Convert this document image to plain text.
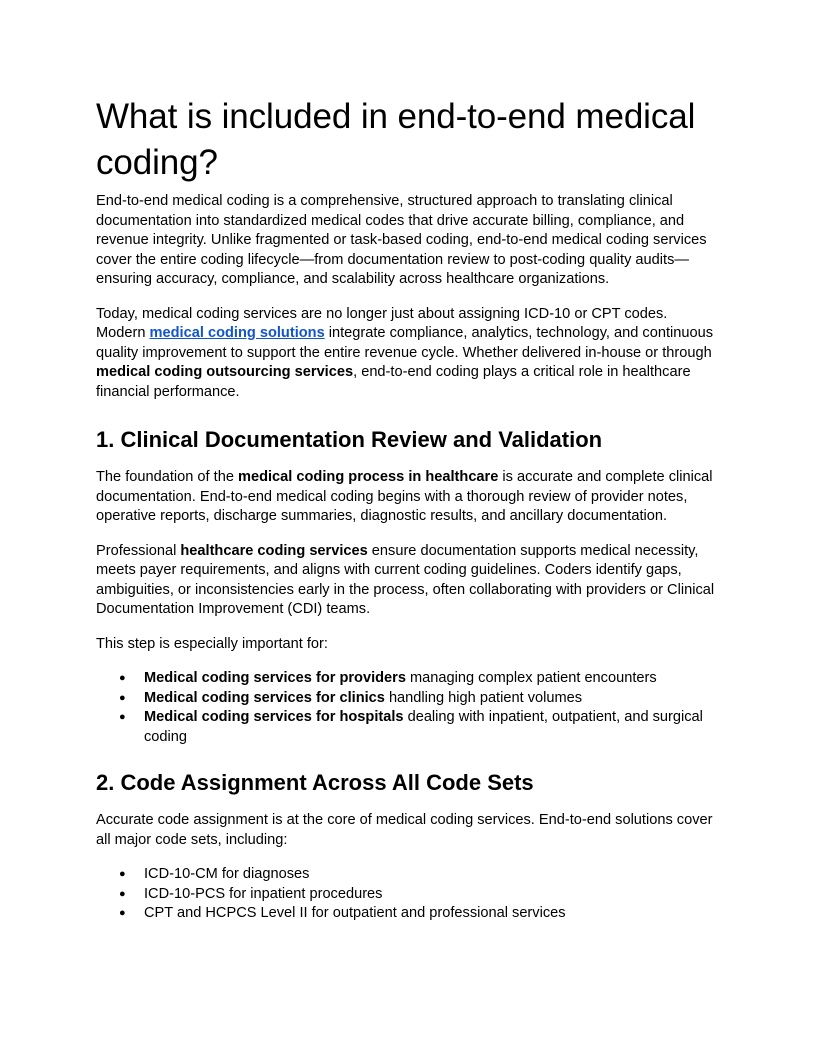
What is included in end-to-end medical coding?

End-to-end medical coding is a comprehensive, structured approach to translating clinical documentation into standardized medical codes that drive accurate billing, compliance, and revenue integrity. Unlike fragmented or task-based coding, end-to-end medical coding services cover the entire coding lifecycle—from documentation review to post-coding quality audits—ensuring accuracy, compliance, and scalability across healthcare organizations.

Today, medical coding services are no longer just about assigning ICD-10 or CPT codes. Modern medical coding solutions integrate compliance, analytics, technology, and continuous quality improvement to support the entire revenue cycle. Whether delivered in-house or through medical coding outsourcing services, end-to-end coding plays a critical role in healthcare financial performance.

1. Clinical Documentation Review and Validation

The foundation of the medical coding process in healthcare is accurate and complete clinical documentation. End-to-end medical coding begins with a thorough review of provider notes, operative reports, discharge summaries, diagnostic results, and ancillary documentation.

Professional healthcare coding services ensure documentation supports medical necessity, meets payer requirements, and aligns with current coding guidelines. Coders identify gaps, ambiguities, or inconsistencies early in the process, often collaborating with providers or Clinical Documentation Improvement (CDI) teams.

This step is especially important for:

● Medical coding services for providers managing complex patient encounters
● Medical coding services for clinics handling high patient volumes
● Medical coding services for hospitals dealing with inpatient, outpatient, and surgical coding
2. Code Assignment Across All Code Sets

Accurate code assignment is at the core of medical coding services. End-to-end solutions cover all major code sets, including:

● ICD-10-CM for diagnoses
● ICD-10-PCS for inpatient procedures
● CPT and HCPCS Level II for outpatient and professional services
